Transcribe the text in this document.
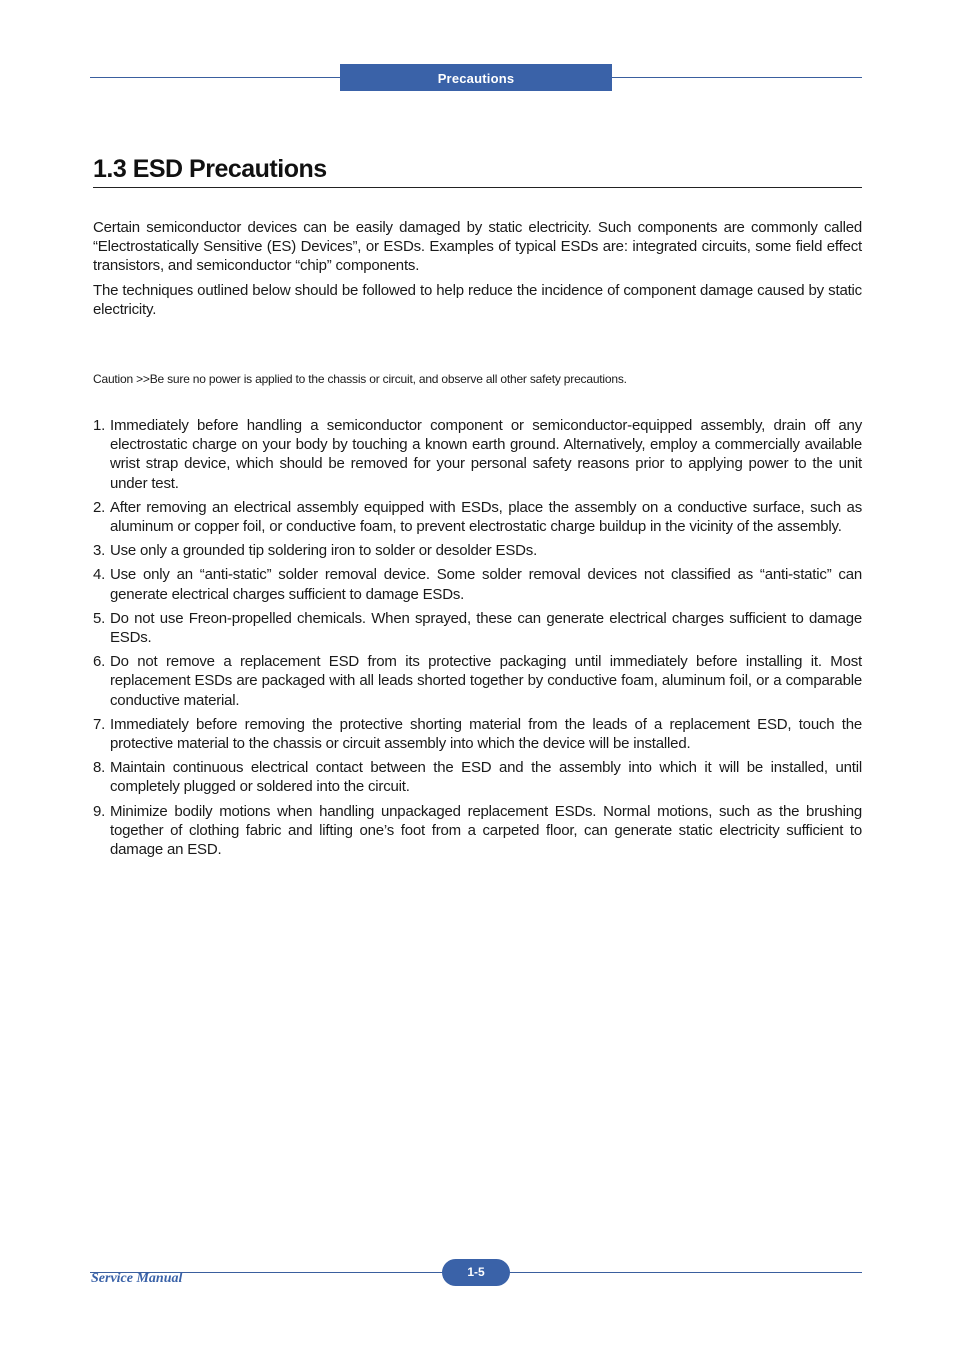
Precautions
1.3 ESD Precautions

Certain semiconductor devices can be easily damaged by static electricity. Such components are commonly called “Electrostatically Sensitive (ES) Devices”, or ESDs. Examples of typical ESDs are: integrated circuits, some field effect transistors, and semiconductor “chip” components.

The techniques outlined below should be followed to help reduce the incidence of component damage caused by static electricity.

Caution >>Be sure no power is applied to the chassis or circuit, and observe all other safety precautions.
1. Immediately before handling a semiconductor component or semiconductor-equipped assembly, drain off any electrostatic charge on your body by touching a known earth ground. Alternatively, employ a commercially available wrist strap device, which should be removed for your personal safety reasons prior to applying power to the unit under test.
2. After removing an electrical assembly equipped with ESDs, place the assembly on a conductive surface, such as aluminum or copper foil, or conductive foam, to prevent electrostatic charge buildup in the vicinity of the assembly.
3. Use only a grounded tip soldering iron to solder or desolder ESDs.
4. Use only an “anti-static” solder removal device. Some solder removal devices not classified as “anti-static” can generate electrical charges sufficient to damage ESDs.
5. Do not use Freon-propelled chemicals. When sprayed, these can generate electrical charges sufficient to damage ESDs.
6. Do not remove a replacement ESD from its protective packaging until immediately before installing it. Most replacement ESDs are packaged with all leads shorted together by conductive foam, aluminum foil, or a comparable conductive material.
7. Immediately before removing the protective shorting material from the leads of a replacement ESD, touch the protective material to the chassis or circuit assembly into which the device will be installed.
8. Maintain continuous electrical contact between the ESD and the assembly into which it will be installed, until completely plugged or soldered into the circuit.
9. Minimize bodily motions when handling unpackaged replacement ESDs. Normal motions, such as the brushing together of clothing fabric and lifting one’s foot from a carpeted floor, can generate static electricity sufficient to damage an ESD.
Service Manual	1-5
